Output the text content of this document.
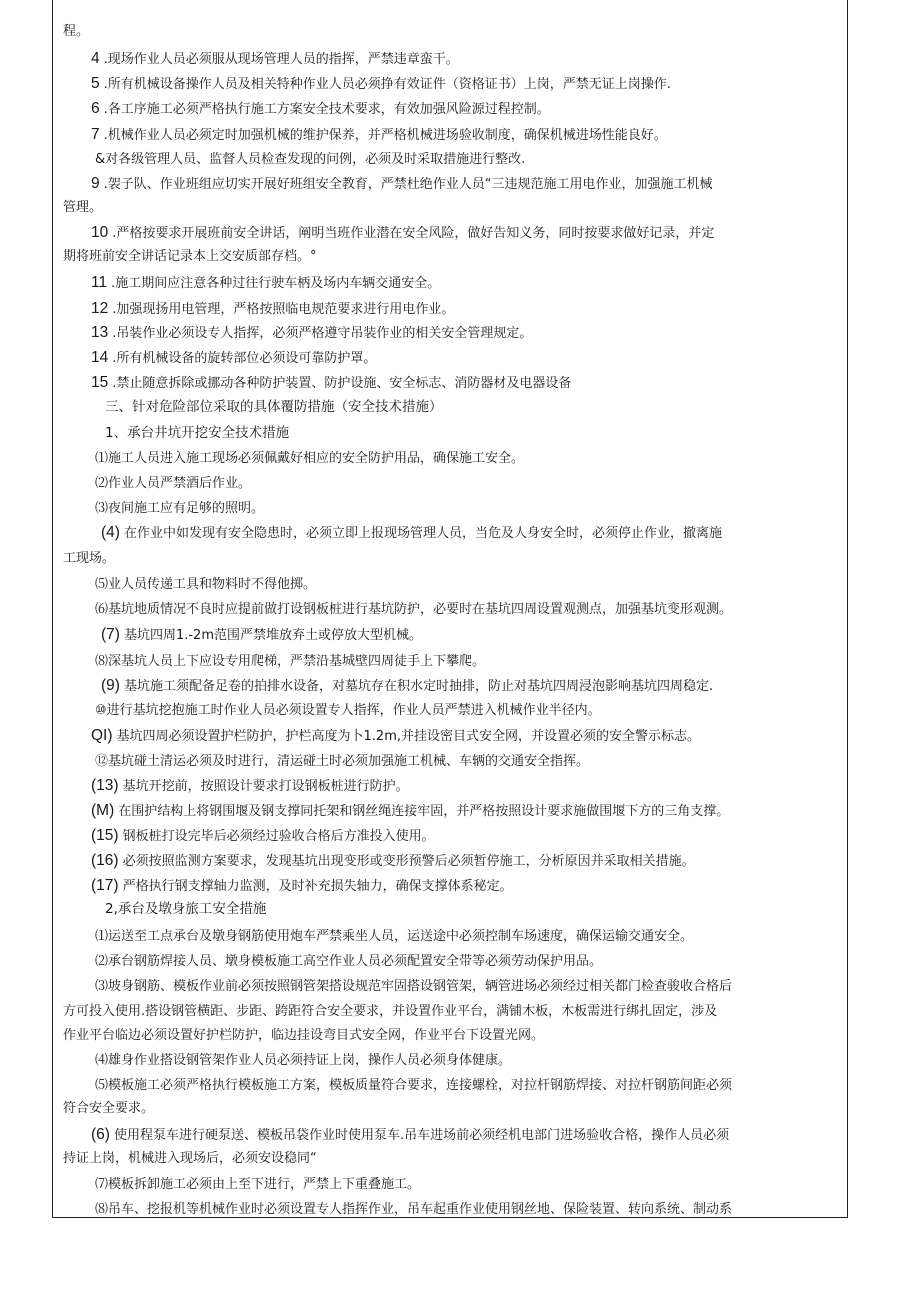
程。
4 .现场作业人员必须服从现场管理人员的指挥，严禁违章蛮干。
5 .所有机械设备操作人员及相关特种作业人员必须挣有效证件（资格证书）上岗，严禁无证上岗操作.
6 .各工序施工必须严格执行施工方案安全技术要求，有效加强风险源过程控制。
7 .机械作业人员必须定时加强机械的维护保养，并严格机械进场验收制度，确保机械进场性能良好。
&对各级管理人员、监督人员检查发现的问例，必须及时采取措施进行整改.
9 .袈子队、作业班组应切实开展好班组安全教育，严禁杜绝作业人员“三违规范施工用电作业，加强施工机械
管理。
10 .严格按要求开展班前安全讲话，阐明当班作业潜在安全风险，做好告知义务，同时按要求做好记录，并定
期将班前安全讲话记录本上交安质部存档。°
11 .施工期间应注意各种过往行驶车柄及场内车辆交通安全。
12 .加强现扬用电管理，严格按照临电规范要求进行用电作业。
13 .吊装作业必须设专人指挥，必须严格遵守吊装作业的相关安全管理规定。
14 .所有机械设备的旋转部位必须设可靠防护罩。
15 .禁止随意拆除或挪动各种防护装置、防护设施、安全标志、消防器材及电器设备
三、针对危险部位采取的具体覆防措施（安全技术措施）
1、承台井坑开挖安全技术措施
⑴施工人员进入施工现场必须佩戴好相应的安全防护用品，确保施工安全。
⑵作业人员严禁酒后作业。
⑶夜间施工应有足够的照明。
(4) 在作业中如发现有安全隐患时，必须立即上报现场管理人员，当危及人身安全时，必须停止作业，撤离施
工现场。
⑸业人员传递工具和物料时不得他掷。
⑹基坑地质情况不良时应提前做打设钢板桩进行基坑防护，必要时在基坑四周设置观测点，加强基坑变形观测。
(7) 基坑四周1.-2m范围严禁堆放弃土或停放大型机械。
⑻深基坑人员上下应设专用爬梯，严禁沿基城壁四周徒手上下攀爬。
(9) 基坑施工须配备足卷的拍排水设备，对墓坑存在积水定时抽排，防止对基坑四周浸泡影响基坑四周稳定.
⑩进行基坑挖抱施工时作业人员必须设置专人指挥，作业人员严禁进入机械作业半径内。
QI) 基坑四周必须设置护栏防护，护栏高度为卜1.2m,并挂设密目式安全网，并设置必须的安全警示标志。
⑫基坑碰土清运必须及时进行，清运碰土时必须加强施工机械、车辆的交通安全指挥。
(13) 基坑开挖前，按照设计要求打设钢板桩进行防护。
(M) 在围护结构上将钢围堰及钢支撑同托架和钢丝绳连接牢固，并严格按照设计要求施做围堰下方的三角支撑。
(15) 钢板桩打设完毕后必须经过验收合格后方准投入使用。
(16) 必须按照监测方案要求，发现基坑出现变形或变形预警后必须暂停施工，分析原因并采取相关措施。
(17) 严格执行钢支撑轴力监测，及时补充损失轴力，确保支撑体系秘定。
2,承台及墩身旅工安全措施
⑴运送至工点承台及墩身钢筋使用炮车严禁乘坐人员，运送途中必须控制车场速度，确保运输交通安全。
⑵承台钢筋焊接人员、墩身模板施工高空作业人员必须配置安全带等必须劳动保护用品。
⑶坡身钢筋、模板作业前必须按照钢管架搭设规范牢固搭设钢管架，辆管进场必须经过相关都门检查骏收合格后
方可投入使用.搭设钢管横距、步距、跨距符合安全要求，并设置作业平台，满铺木板，木板需进行绑扎固定，涉及
作业平台临边必须设置好护栏防护，临边挂设弯目式安全网，作业平台下设置光网。
⑷雄身作业搭设钢管架作业人员必须持证上岗，操作人员必须身体健康。
⑸模板施工必须严格执行模板施工方案，模板质量符合要求，连接螺栓，对拉杆钢筋焊接、对拉杆钢筋间距必须
符合安全要求。
(6) 使用程泵车进行硬泵送、模板吊袋作业时使用泵车.吊车进场前必须经机电部门进场验收合格，操作人员必须
持证上岗，机械进入现场后，必须安设稳同“
⑺模板拆卸施工必须由上至下进行，严禁上下重叠施工。
⑻吊车、挖报机等机械作业时必须设置专人指挥作业，吊车起重作业使用钢丝地、保险装置、转向系统、制动系
